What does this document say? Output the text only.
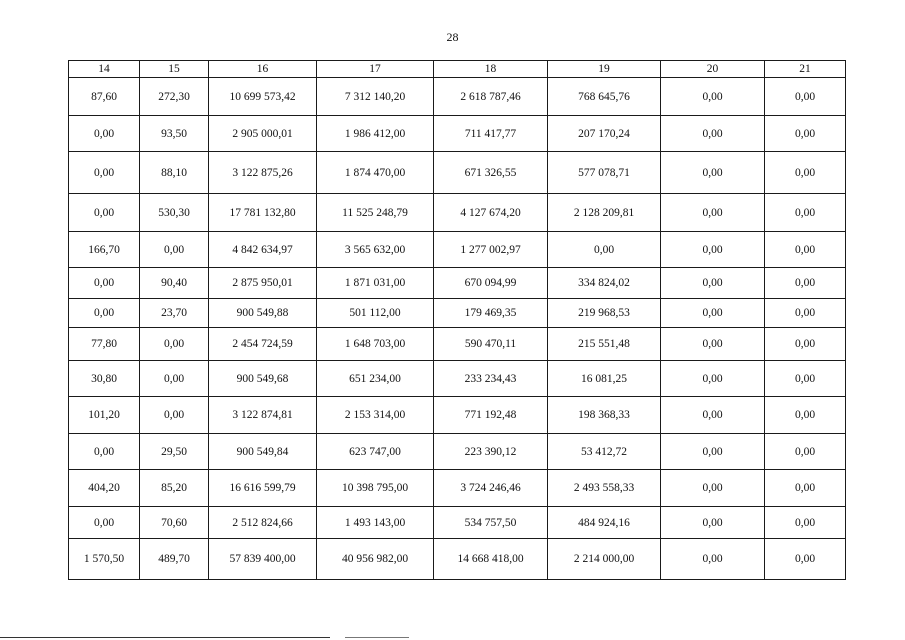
28
14	15	16	17	18	19	20	21
87,60	272,30	10 699 573,42	7 312 140,20	2 618 787,46	768 645,76	0,00	0,00
0,00	93,50	2 905 000,01	1 986 412,00	711 417,77	207 170,24	0,00	0,00
0,00	88,10	3 122 875,26	1 874 470,00	671 326,55	577 078,71	0,00	0,00
0,00	530,30	17 781 132,80	11 525 248,79	4 127 674,20	2 128 209,81	0,00	0,00
166,70	0,00	4 842 634,97	3 565 632,00	1 277 002,97	0,00	0,00	0,00
0,00	90,40	2 875 950,01	1 871 031,00	670 094,99	334 824,02	0,00	0,00
0,00	23,70	900 549,88	501 112,00	179 469,35	219 968,53	0,00	0,00
77,80	0,00	2 454 724,59	1 648 703,00	590 470,11	215 551,48	0,00	0,00
30,80	0,00	900 549,68	651 234,00	233 234,43	16 081,25	0,00	0,00
101,20	0,00	3 122 874,81	2 153 314,00	771 192,48	198 368,33	0,00	0,00
0,00	29,50	900 549,84	623 747,00	223 390,12	53 412,72	0,00	0,00
404,20	85,20	16 616 599,79	10 398 795,00	3 724 246,46	2 493 558,33	0,00	0,00
0,00	70,60	2 512 824,66	1 493 143,00	534 757,50	484 924,16	0,00	0,00
1 570,50	489,70	57 839 400,00	40 956 982,00	14 668 418,00	2 214 000,00	0,00	0,00
